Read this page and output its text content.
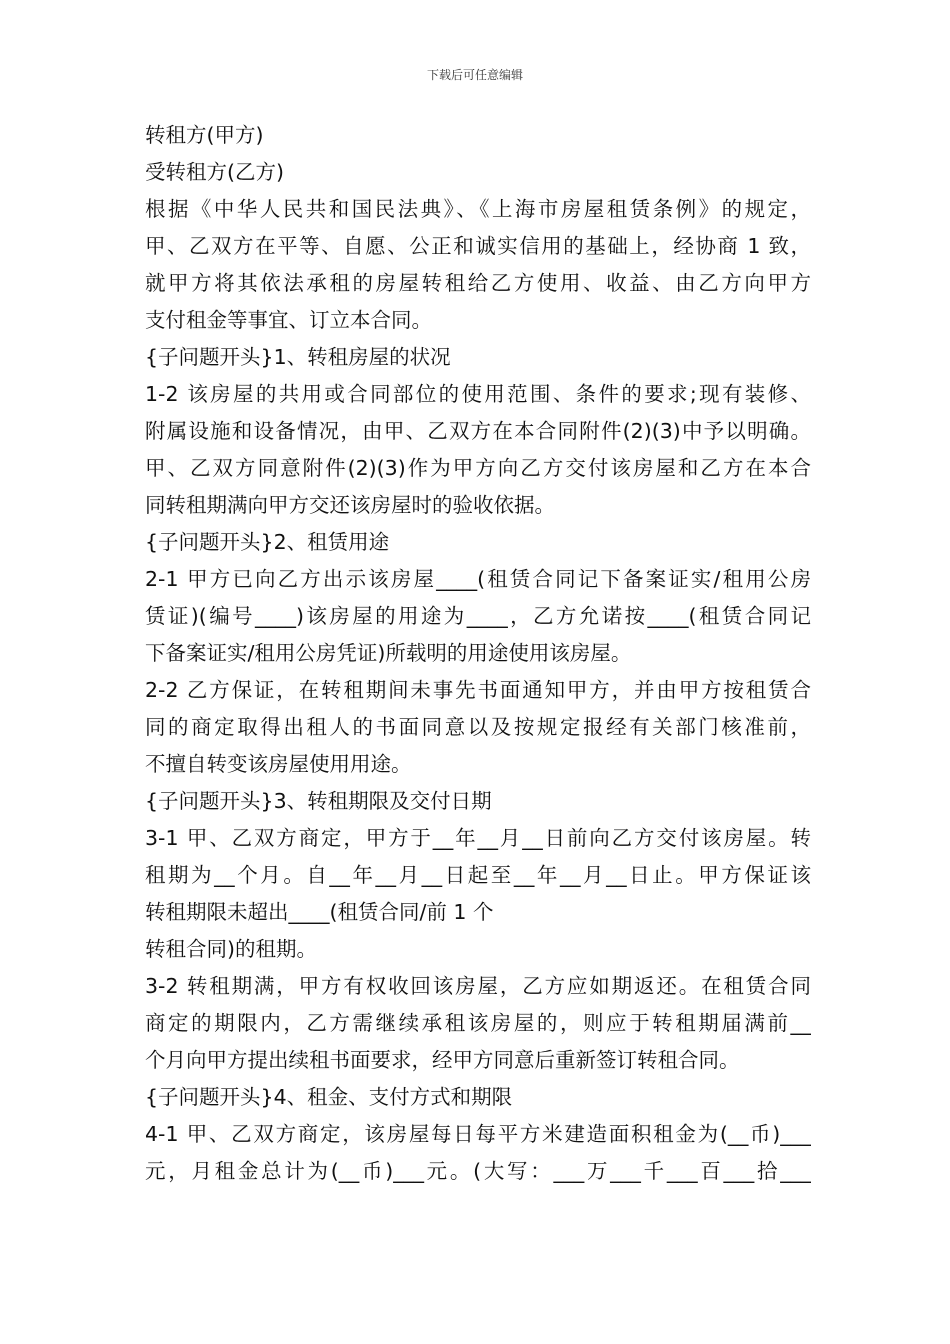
下载后可任意编辑
转租方(甲方)
受转租方(乙方)
根据《中华人民共和国民法典》、《上海市房屋租赁条例》的规定，
甲、乙双方在平等、自愿、公正和诚实信用的基础上，经协商 1 致，
就甲方将其依法承租的房屋转租给乙方使用、收益、由乙方向甲方
支付租金等事宜、订立本合同。
{子问题开头}1、转租房屋的状况
1-2 该房屋的共用或合同部位的使用范围、条件的要求;现有装修、
附属设施和设备情况，由甲、乙双方在本合同附件(2)(3)中予以明确。
甲、乙双方同意附件(2)(3)作为甲方向乙方交付该房屋和乙方在本合
同转租期满向甲方交还该房屋时的验收依据。
{子问题开头}2、租赁用途
2-1 甲方已向乙方出示该房屋____(租赁合同记下备案证实/租用公房
赁证)(编号____)该房屋的用途为____，乙方允诺按____(租赁合同记
下备案证实/租用公房凭证)所载明的用途使用该房屋。
2-2 乙方保证，在转租期间未事先书面通知甲方，并由甲方按租赁合
同的商定取得出租人的书面同意以及按规定报经有关部门核准前，
不擅自转变该房屋使用用途。
{子问题开头}3、转租期限及交付日期
3-1 甲、乙双方商定，甲方于__年__月__日前向乙方交付该房屋。转
租期为__个月。自__年__月__日起至__年__月__日止。甲方保证该
转租期限未超出____(租赁合同/前 1 个
转租合同)的租期。
3-2 转租期满，甲方有权收回该房屋，乙方应如期返还。在租赁合同
商定的期限内，乙方需继续承租该房屋的，则应于转租期届满前__
个月向甲方提出续租书面要求，经甲方同意后重新签订转租合同。
{子问题开头}4、租金、支付方式和期限
4-1 甲、乙双方商定，该房屋每日每平方米建造面积租金为(__币)___
元，月租金总计为(__币)___元。(大写：___万___千___百___拾___
